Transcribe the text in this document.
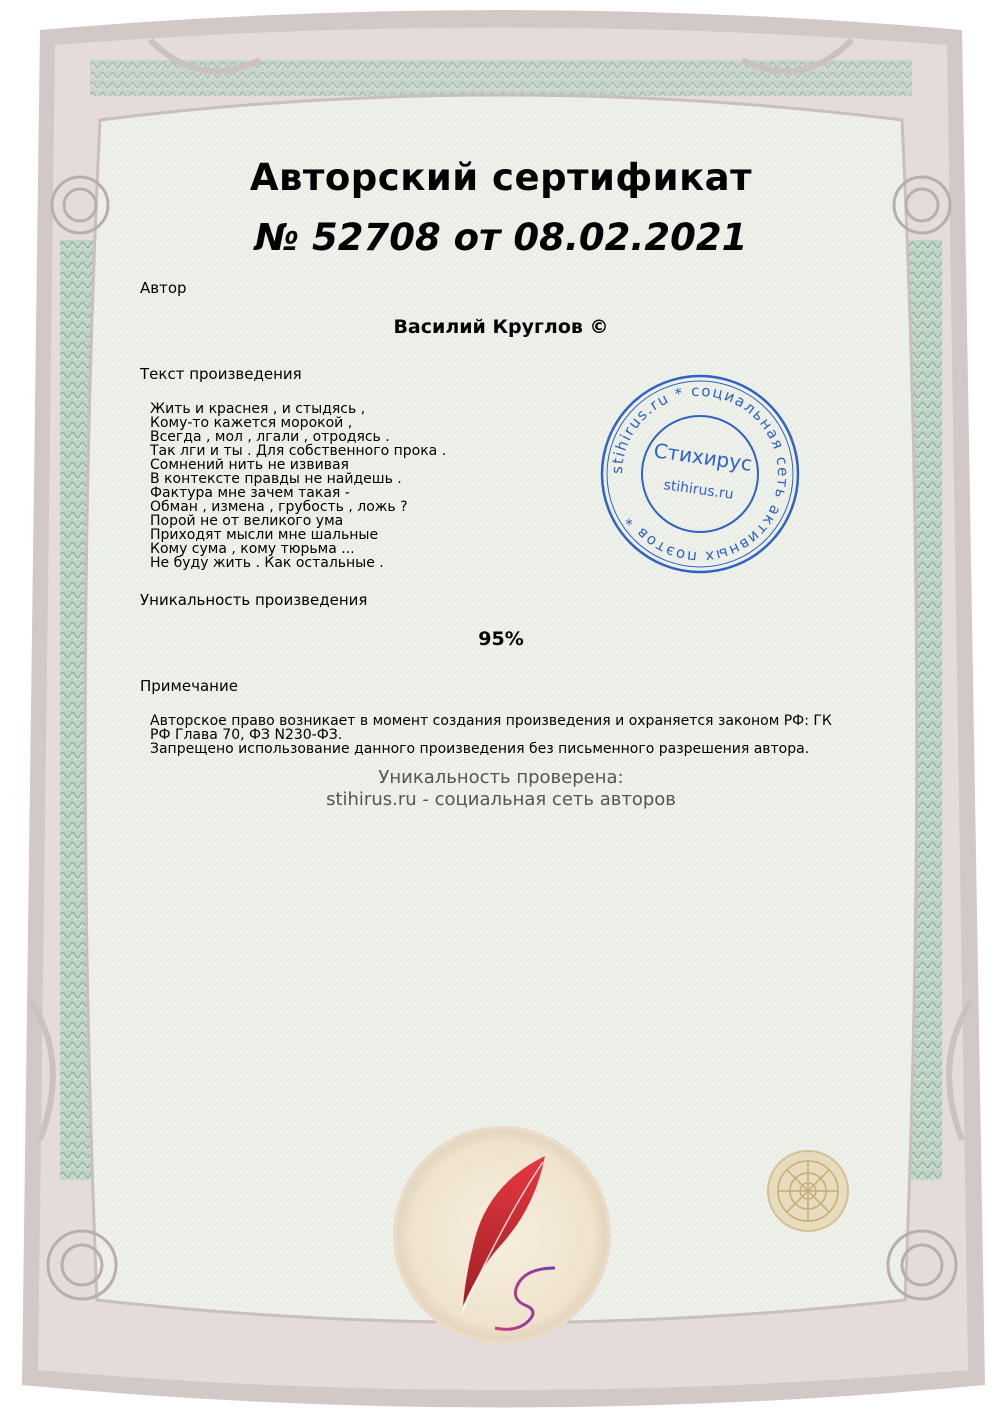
stihirus.ru * социальная сеть активных поэтов *
Стихирус
stihirus.ru
Авторский сертификат
№ 52708 от 08.02.2021
Автор
Василий Круглов ©
Текст произведения
Жить и краснея , и стыдясь ,
Кому-то кажется морокой ,
Всегда , мол , лгали , отродясь .
Так лги и ты . Для собственного прока .
Сомнений нить не извивая
В контексте правды не найдешь .
Фактура мне зачем такая -
Обман , измена , грубость , ложь ?
Порой не от великого ума
Приходят мысли мне шальные
Кому сума , кому тюрьма ...
Не буду жить . Как остальные .
Уникальность произведения
95%
Примечание
Авторское право возникает в момент создания произведения и охраняется законом РФ: ГК РФ Глава 70, ФЗ N230-ФЗ.
Запрещено использование данного произведения без письменного разрешения автора.
Уникальность проверена:
stihirus.ru - социальная сеть авторов
